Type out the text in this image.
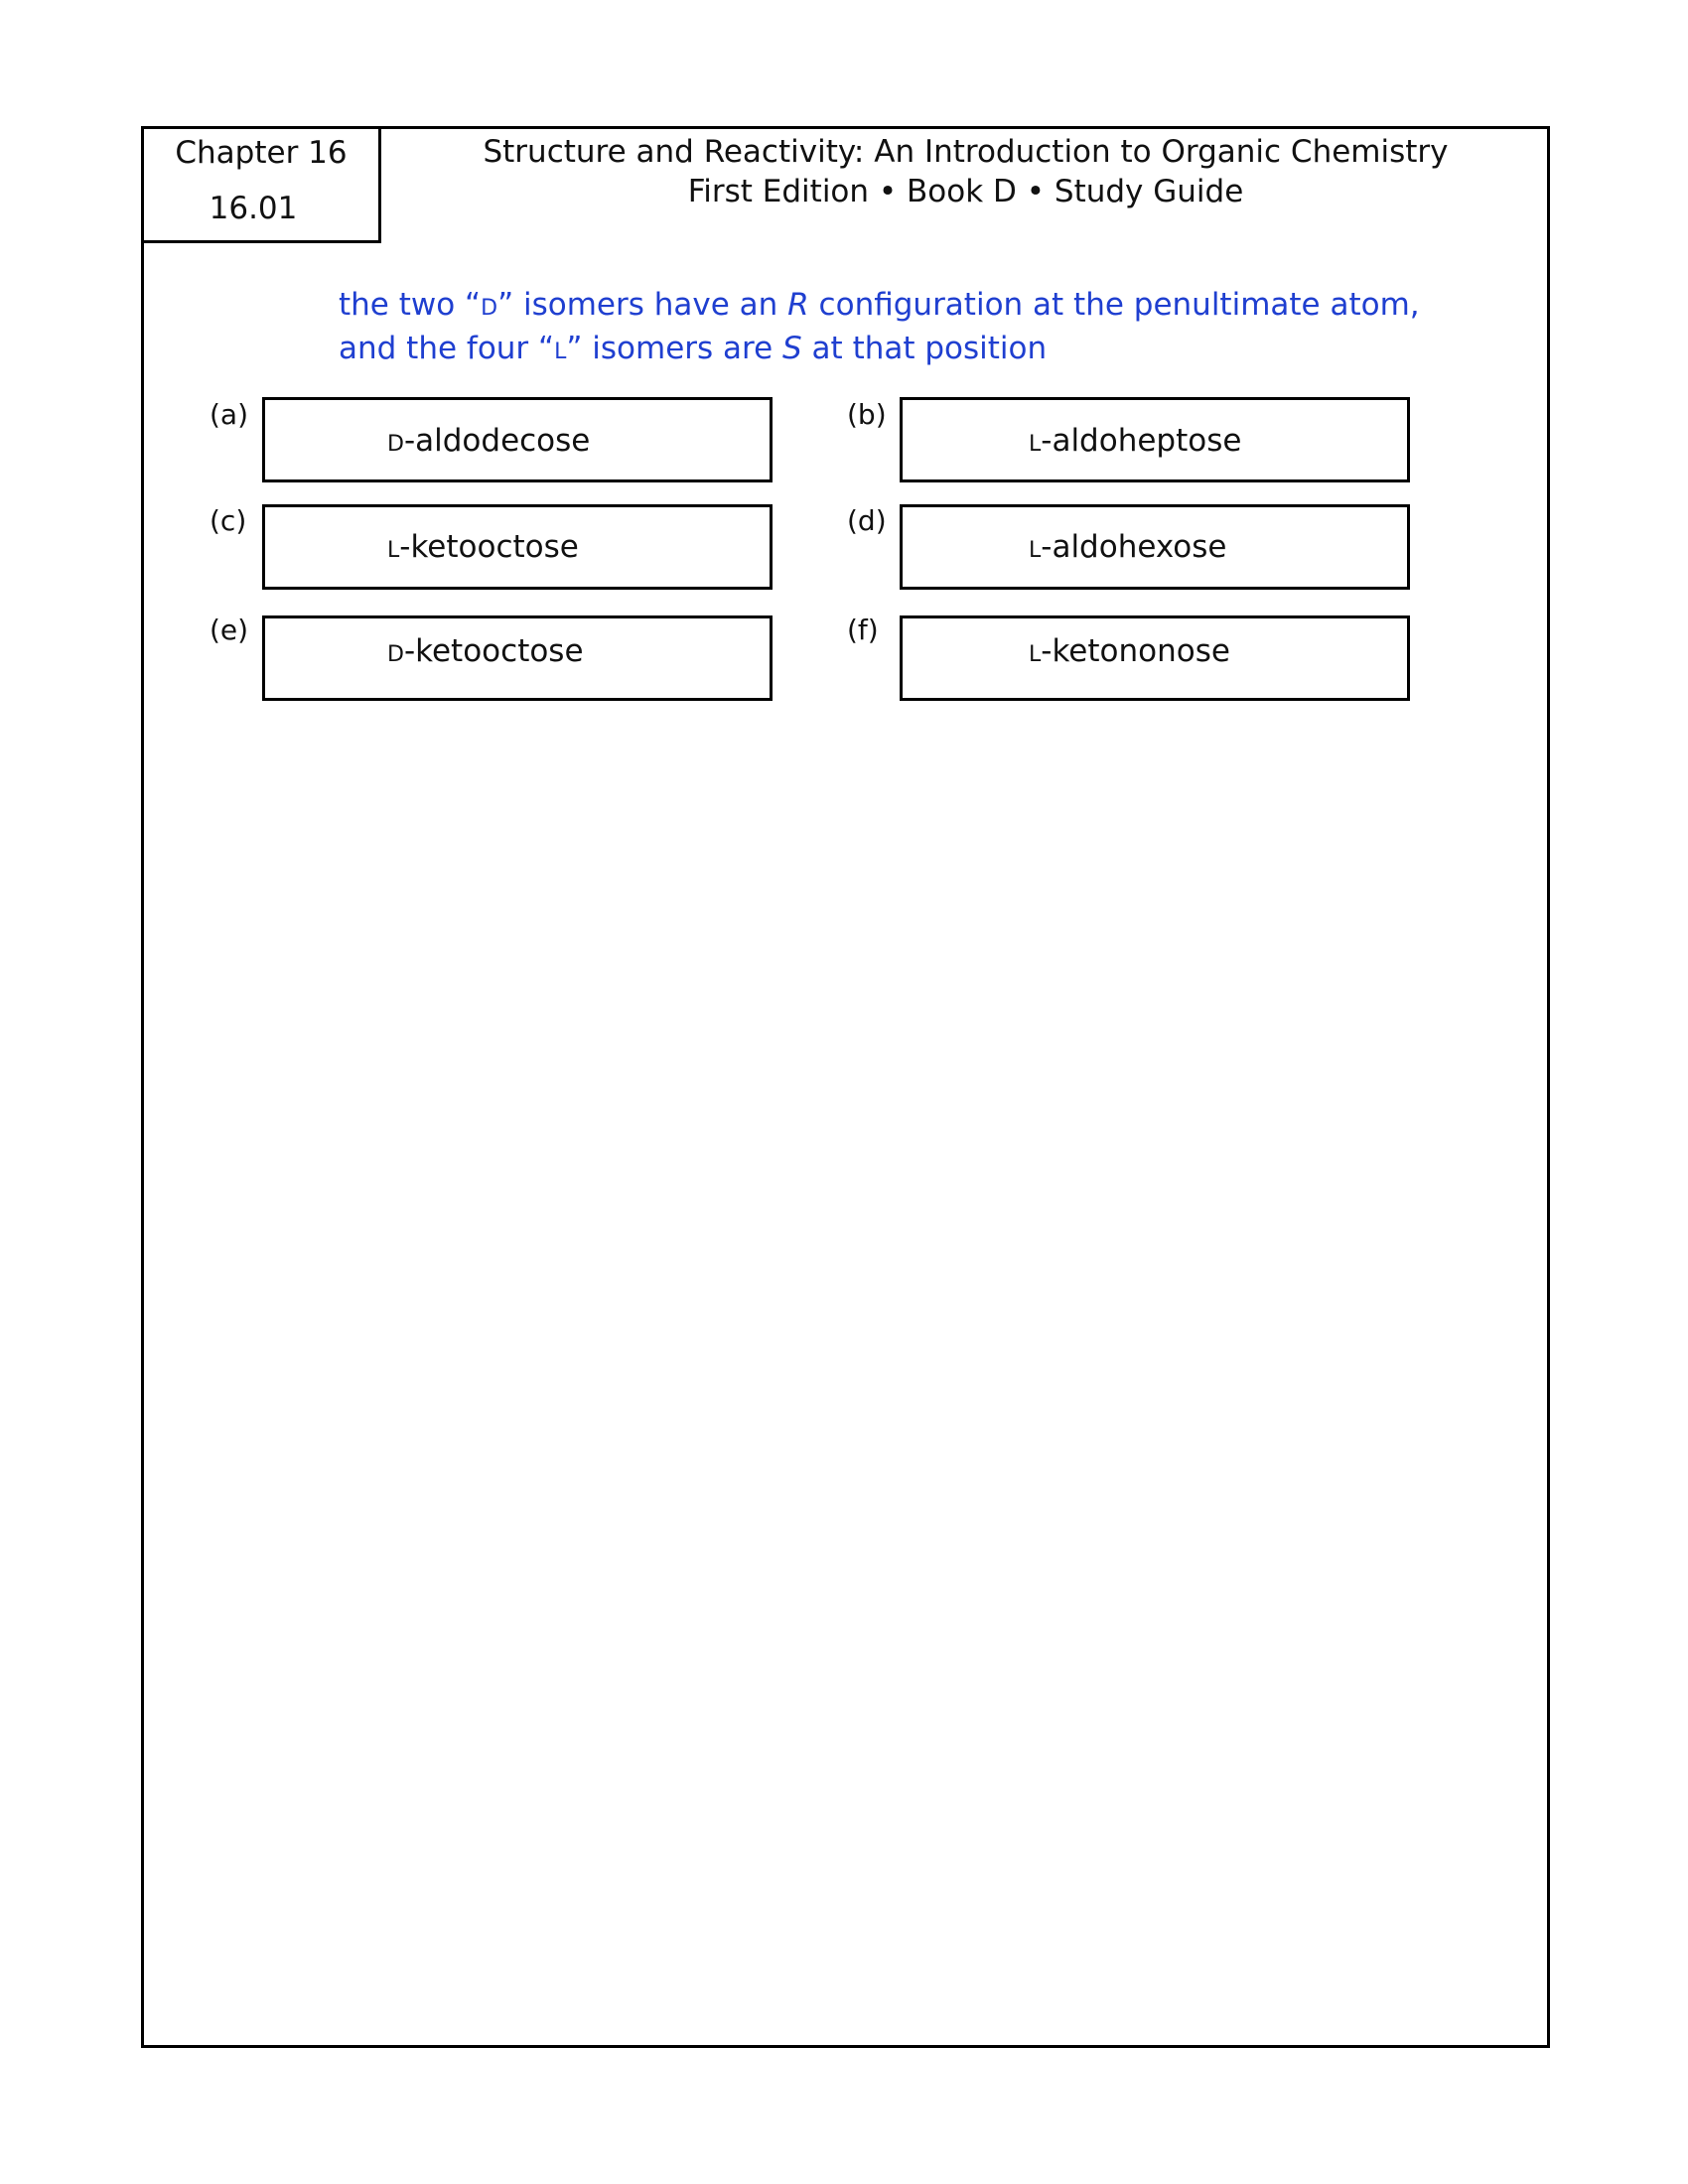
Chapter 16
16.01
Structure and Reactivity: An Introduction to Organic Chemistry
First Edition • Book D • Study Guide
the two “D” isomers have an R configuration at the penultimate atom,
and the four “L” isomers are S at that position
(a)
D-aldodecose
(b)
L-aldoheptose
(c)
L-ketooctose
(d)
L-aldohexose
(e)
D-ketooctose
(f)
L-ketononose
